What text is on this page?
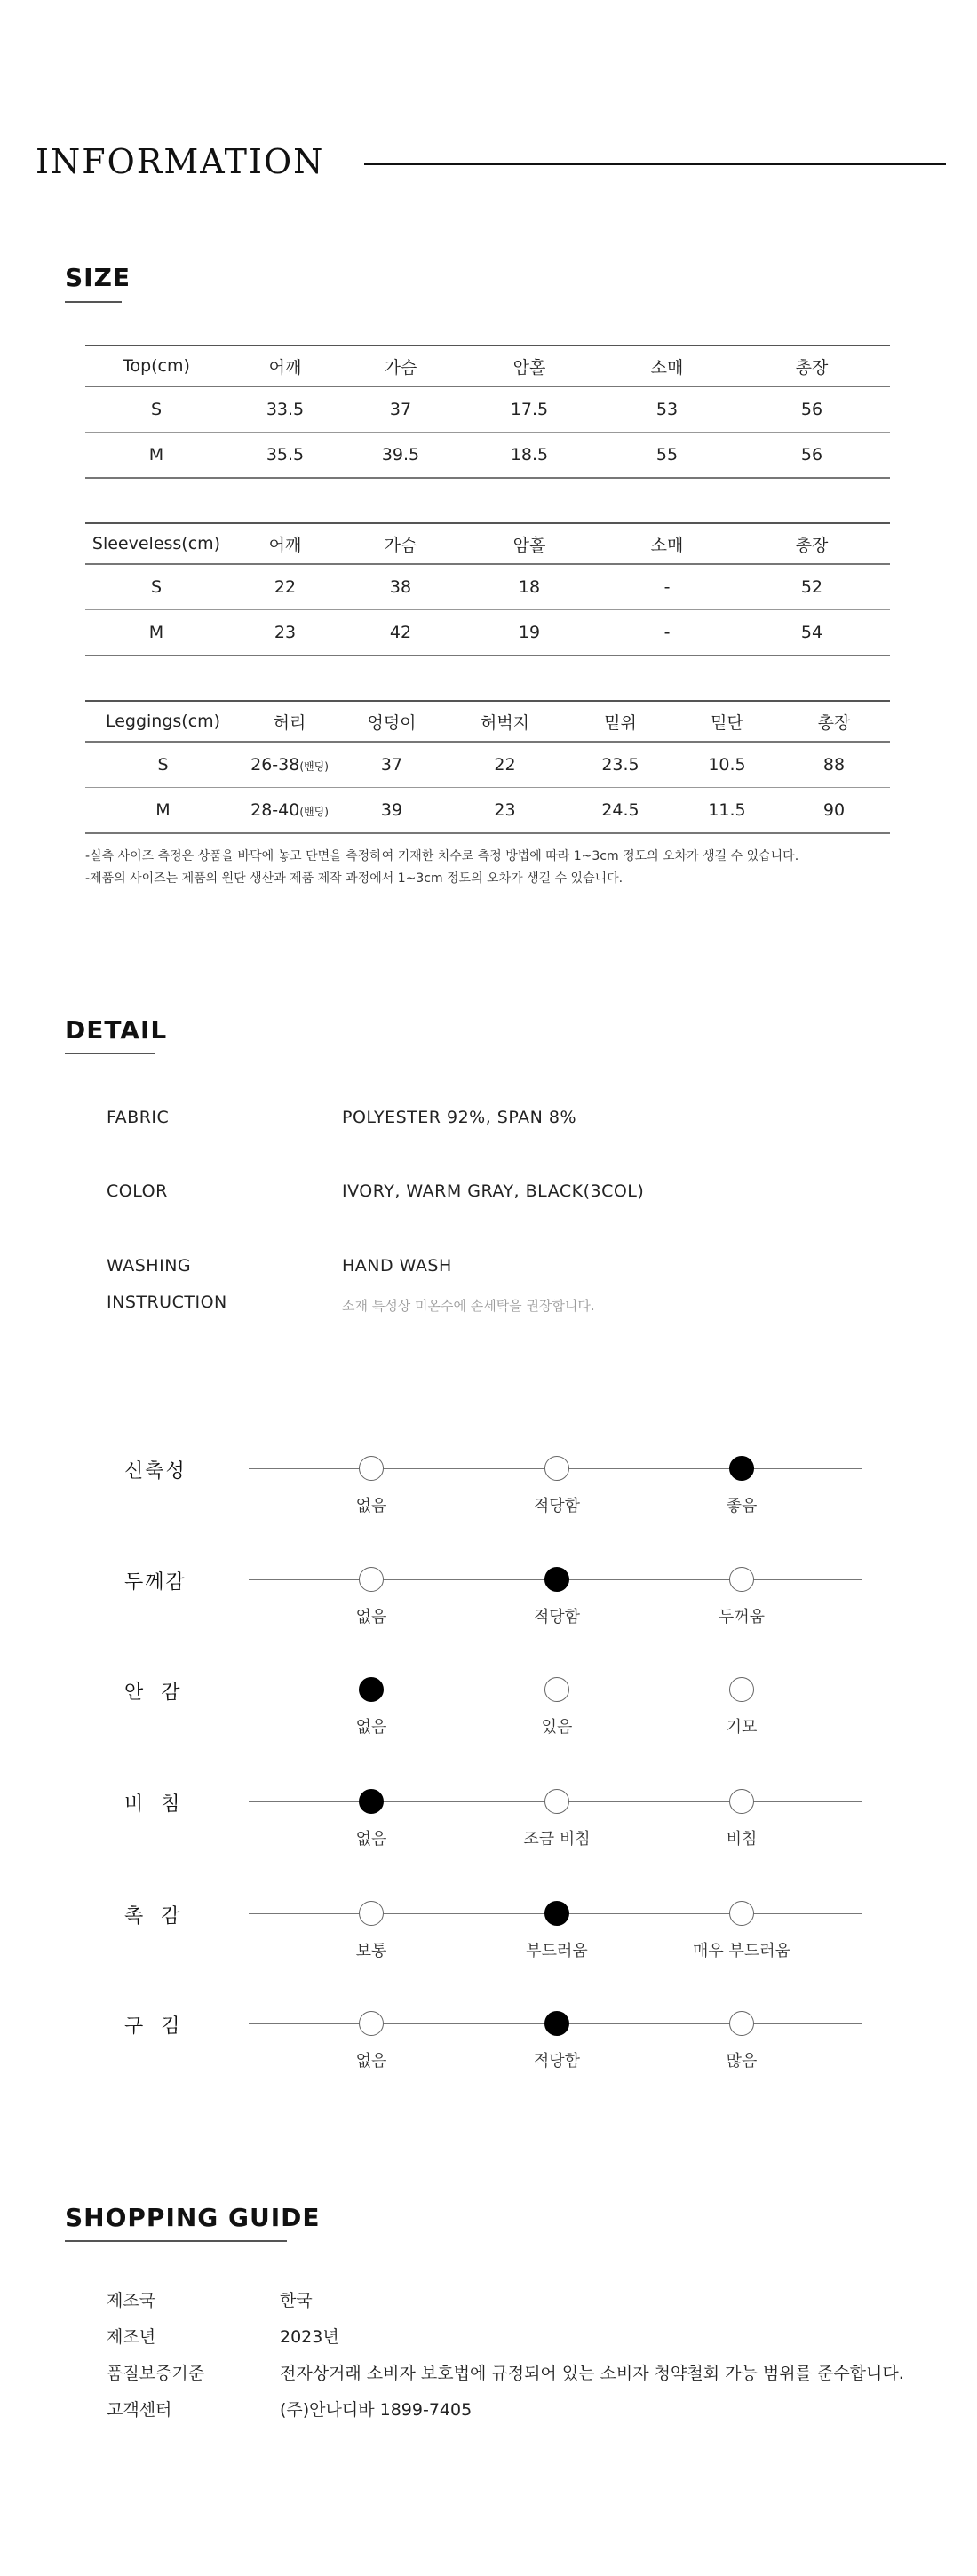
INFORMATION
SIZE
Top(cm)	어깨	가슴	암홀	소매	총장
S	33.5	37	17.5	53	56
M	35.5	39.5	18.5	55	56
Sleeveless(cm)	어깨	가슴	암홀	소매	총장
S	22	38	18	-	52
M	23	42	19	-	54
Leggings(cm)	허리	엉덩이	허벅지	밑위	밑단	총장
S	26-38(밴딩)	37	22	23.5	10.5	88
M	28-40(밴딩)	39	23	24.5	11.5	90
-실측 사이즈 측정은 상품을 바닥에 놓고 단면을 측정하여 기재한 치수로 측정 방법에 따라 1~3cm 정도의 오차가 생길 수 있습니다.
-제품의 사이즈는 제품의 원단 생산과 제품 제작 과정에서 1~3cm 정도의 오차가 생길 수 있습니다.
DETAIL
FABRIC	POLYESTER 92%, SPAN 8%
COLOR	IVORY, WARM GRAY, BLACK(3COL)
WASHING	HAND WASH
INSTRUCTION	소재 특성상 미온수에 손세탁을 권장합니다.
신축성
없음	적당함	좋음
두께감
없음	적당함	두꺼움
안  감
없음	있음	기모
비  침
없음	조금 비침	비침
촉  감
보통	부드러움	매우 부드러움
구  김
없음	적당함	많음
SHOPPING GUIDE
제조국	한국
제조년	2023년
품질보증기준	전자상거래 소비자 보호법에 규정되어 있는 소비자 청약철회 가능 범위를 준수합니다.
고객센터	(주)안나디바 1899-7405
